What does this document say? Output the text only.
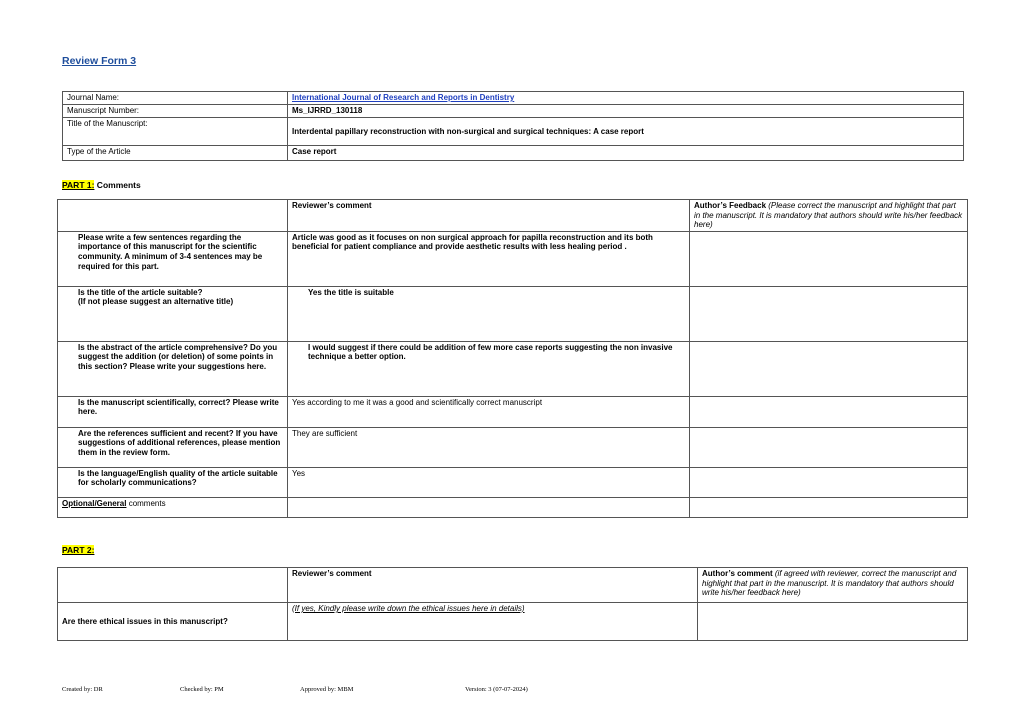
Review Form 3
Journal Name:	International Journal of Research and Reports in Dentistry
Manuscript Number:	Ms_IJRRD_130118
Title of the Manuscript:	Interdental papillary reconstruction with non-surgical and surgical techniques: A case report
Type of the Article	Case report
PART 1: Comments
	Reviewer’s comment	Author’s Feedback (Please correct the manuscript and highlight that part in the manuscript. It is mandatory that authors should write his/her feedback here)
Please write a few sentences regarding the importance of this manuscript for the scientific community. A minimum of 3-4 sentences may be required for this part.	Article was good as it focuses on non surgical approach for papilla reconstruction and its both beneficial for patient compliance and provide aesthetic results with less healing period .	
Is the title of the article suitable?
(If not please suggest an alternative title)	Yes the title is suitable	
Is the abstract of the article comprehensive? Do you suggest the addition (or deletion) of some points in this section? Please write your suggestions here.	I would suggest if there could be addition of few more case reports suggesting the non invasive technique a better option.	
Is the manuscript scientifically, correct? Please write here.	Yes according to me it was a good and scientifically correct manuscript	
Are the references sufficient and recent? If you have suggestions of additional references, please mention them in the review form.	They are sufficient	
Is the language/English quality of the article suitable for scholarly communications?	Yes	
Optional/General comments		
PART 2:
	Reviewer’s comment	Author’s comment (if agreed with reviewer, correct the manuscript and highlight that part in the manuscript. It is mandatory that authors should write his/her feedback here)
Are there ethical issues in this manuscript?	(If yes, Kindly please write down the ethical issues here in details)	
Created by: DR	Checked by: PM	Approved by: MBM	Version: 3 (07-07-2024)
